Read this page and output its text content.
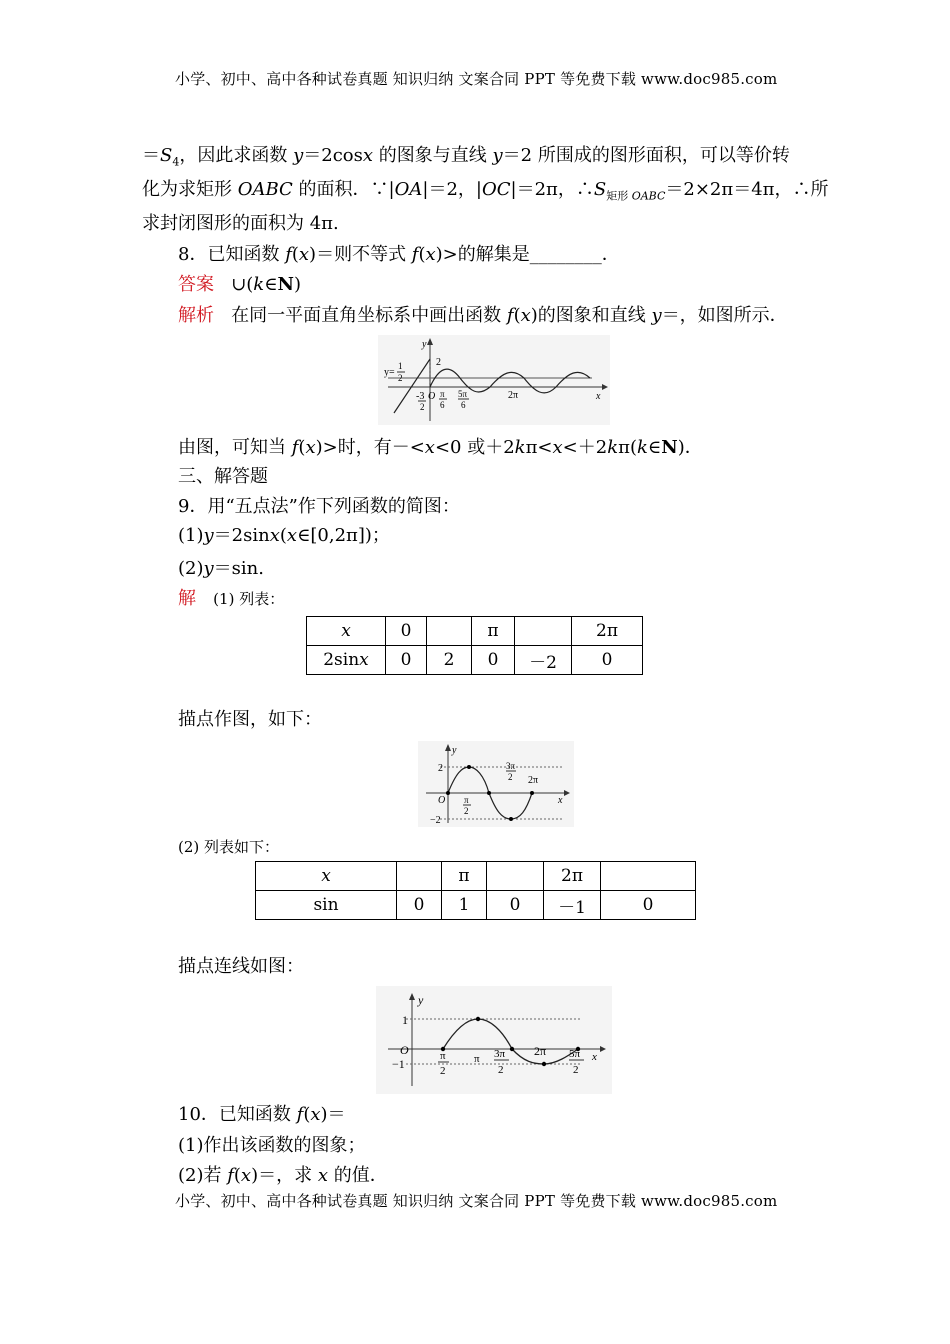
小学、初中、高中各种试卷真题 知识归纳 文案合同 PPT 等免费下载 www.doc985.com
$=S_4$，因此求函数 y＝2cosx 的图象与直线 y＝2 所围成的图形面积，可以等价转
化为求矩形 OABC 的面积．∵|OA|＝2，|OC|＝2π，$\therefore S_{矩形}$ $_{OABC}$＝2×2π＝4π，∴所
求封闭图形的面积为 4π.
8．已知函数 f(x)＝则不等式 f(x)>的解集是________．
答案 ∪(k∈N)
解析 在同一平面直角坐标系中画出函数 f(x)的图象和直线 y＝，如图所示．
y
x
y=
1
2
2
-3
2
O π
6
5π
6
2π
由图，可知当 f(x)>时，有－<x<0 或＋2kπ<x<＋2kπ(k∈N)．
三、解答题
9．用“五点法”作下列函数的简图：
(1)y＝2sinx(x∈[0,2π])；
(2)y＝sin.
解 (1) 列表：
x	0		π		2π
2sinx	0	2	0	－2	0
描点作图，如下：
y
x
2
O
−2
π
2
3π
2 2π
(2) 列表如下：
x		π		2π	
sin	0	1	0	－1	0
描点连线如图：
y
x
1
O
−1
π
2
π 3π
2
2π 5π
2
10．已知函数 f(x)＝
(1)作出该函数的图象；
(2)若 f(x)＝，求 x 的值．
小学、初中、高中各种试卷真题 知识归纳 文案合同 PPT 等免费下载 www.doc985.com
